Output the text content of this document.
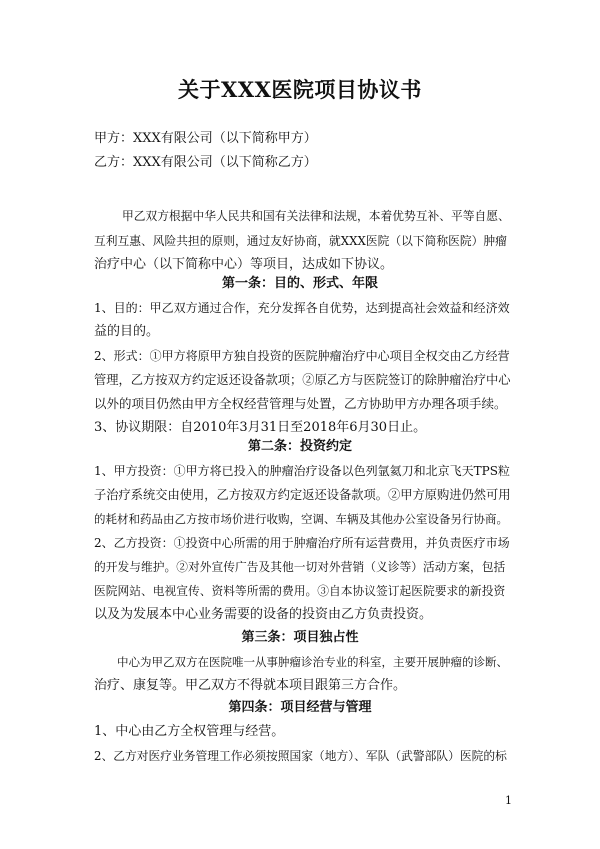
关于XXX医院项目协议书
甲方：XXX有限公司（以下简称甲方）
乙方：XXX有限公司（以下简称乙方）
甲乙双方根据中华人民共和国有关法律和法规，本着优势互补、平等自愿、
互利互惠、风险共担的原则，通过友好协商，就XXX医院（以下简称医院）肿瘤
治疗中心（以下简称中心）等项目，达成如下协议。
第一条：目的、形式、年限
1、目的：甲乙双方通过合作，充分发挥各自优势，达到提高社会效益和经济效
益的目的。
2、形式：①甲方将原甲方独自投资的医院肿瘤治疗中心项目全权交由乙方经营
管理，乙方按双方约定返还设备款项；②原乙方与医院签订的除肿瘤治疗中心
以外的项目仍然由甲方全权经营管理与处置，乙方协助甲方办理各项手续。
3、协议期限：自2010年3月31日至2018年6月30日止。
第二条：投资约定
1、甲方投资：①甲方将已投入的肿瘤治疗设备以色列氩氦刀和北京飞天TPS粒
子治疗系统交由使用，乙方按双方约定返还设备款项。②甲方原购进仍然可用
的耗材和药品由乙方按市场价进行收购，空调、车辆及其他办公室设备另行协商。
2、乙方投资：①投资中心所需的用于肿瘤治疗所有运营费用，并负责医疗市场
的开发与维护。②对外宣传广告及其他一切对外营销（义诊等）活动方案，包括
医院网站、电视宣传、资料等所需的费用。③自本协议签订起医院要求的新投资
以及为发展本中心业务需要的设备的投资由乙方负责投资。
第三条：项目独占性
中心为甲乙双方在医院唯一从事肿瘤诊治专业的科室，主要开展肿瘤的诊断、
治疗、康复等。甲乙双方不得就本项目跟第三方合作。
第四条：项目经营与管理
1、中心由乙方全权管理与经营。
2、乙方对医疗业务管理工作必须按照国家（地方）、军队（武警部队）医院的标
1
